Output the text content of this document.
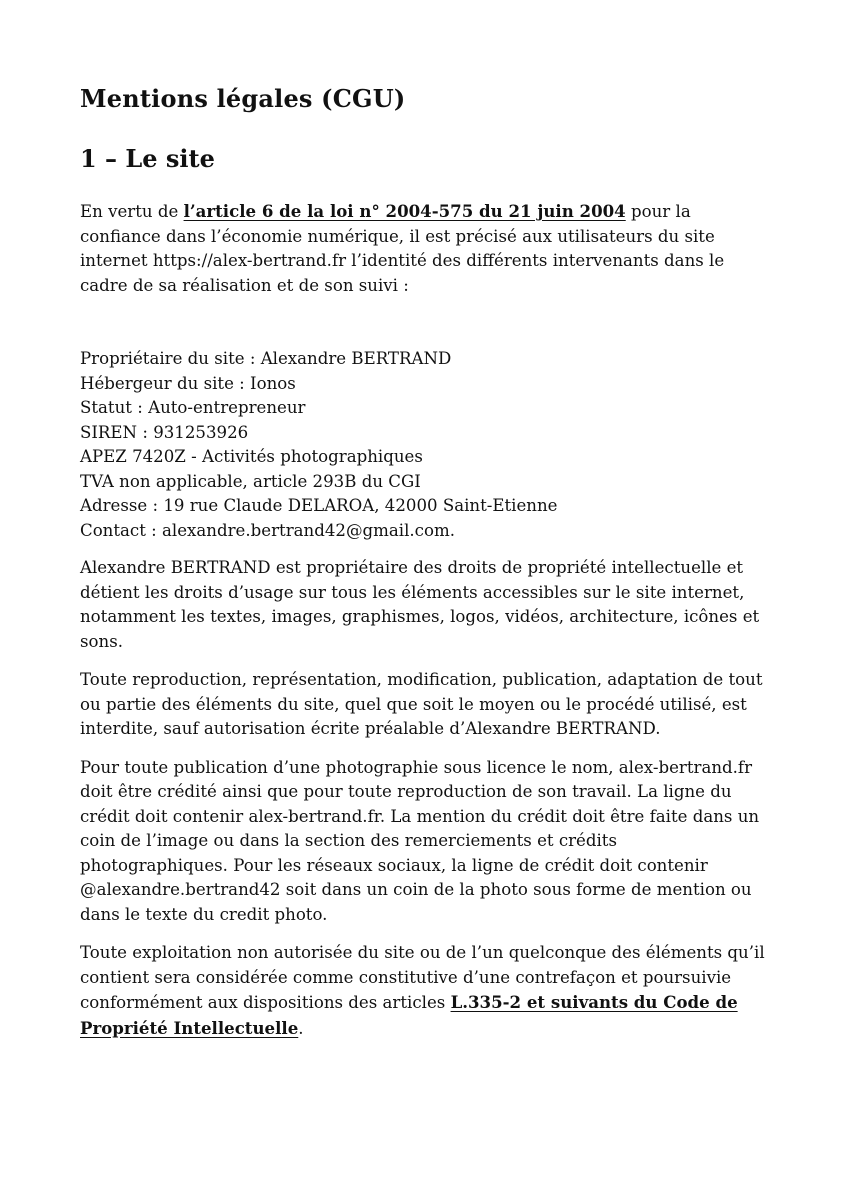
Mentions légales (CGU)
1 – Le site

En vertu de l’article 6 de la loi n° 2004-575 du 21 juin 2004 pour la confiance dans l’économie numérique, il est précisé aux utilisateurs du site internet https://alex-bertrand.fr l’identité des différents intervenants dans le cadre de sa réalisation et de son suivi :

Propriétaire du site : Alexandre BERTRAND
Hébergeur du site : Ionos
Statut : Auto-entrepreneur
SIREN : 931253926
APEZ 7420Z - Activités photographiques
TVA non applicable, article 293B du CGI
Adresse : 19 rue Claude DELAROA, 42000 Saint-Etienne
Contact : alexandre.bertrand42@gmail.com.

Alexandre BERTRAND est propriétaire des droits de propriété intellectuelle et détient les droits d’usage sur tous les éléments accessibles sur le site internet, notamment les textes, images, graphismes, logos, vidéos, architecture, icônes et sons.

Toute reproduction, représentation, modification, publication, adaptation de tout ou partie des éléments du site, quel que soit le moyen ou le procédé utilisé, est interdite, sauf autorisation écrite préalable d’Alexandre BERTRAND.

Pour toute publication d’une photographie sous licence le nom, alex-bertrand.fr doit être crédité ainsi que pour toute reproduction de son travail. La ligne du crédit doit contenir alex-bertrand.fr. La mention du crédit doit être faite dans un coin de l’image ou dans la section des remerciements et crédits photographiques. Pour les réseaux sociaux, la ligne de crédit doit contenir @alexandre.bertrand42 soit dans un coin de la photo sous forme de mention ou dans le texte du credit photo.

Toute exploitation non autorisée du site ou de l’un quelconque des éléments qu’il contient sera considérée comme constitutive d’une contrefaçon et poursuivie conformément aux dispositions des articles L.335-2 et suivants du Code de Propriété Intellectuelle.
